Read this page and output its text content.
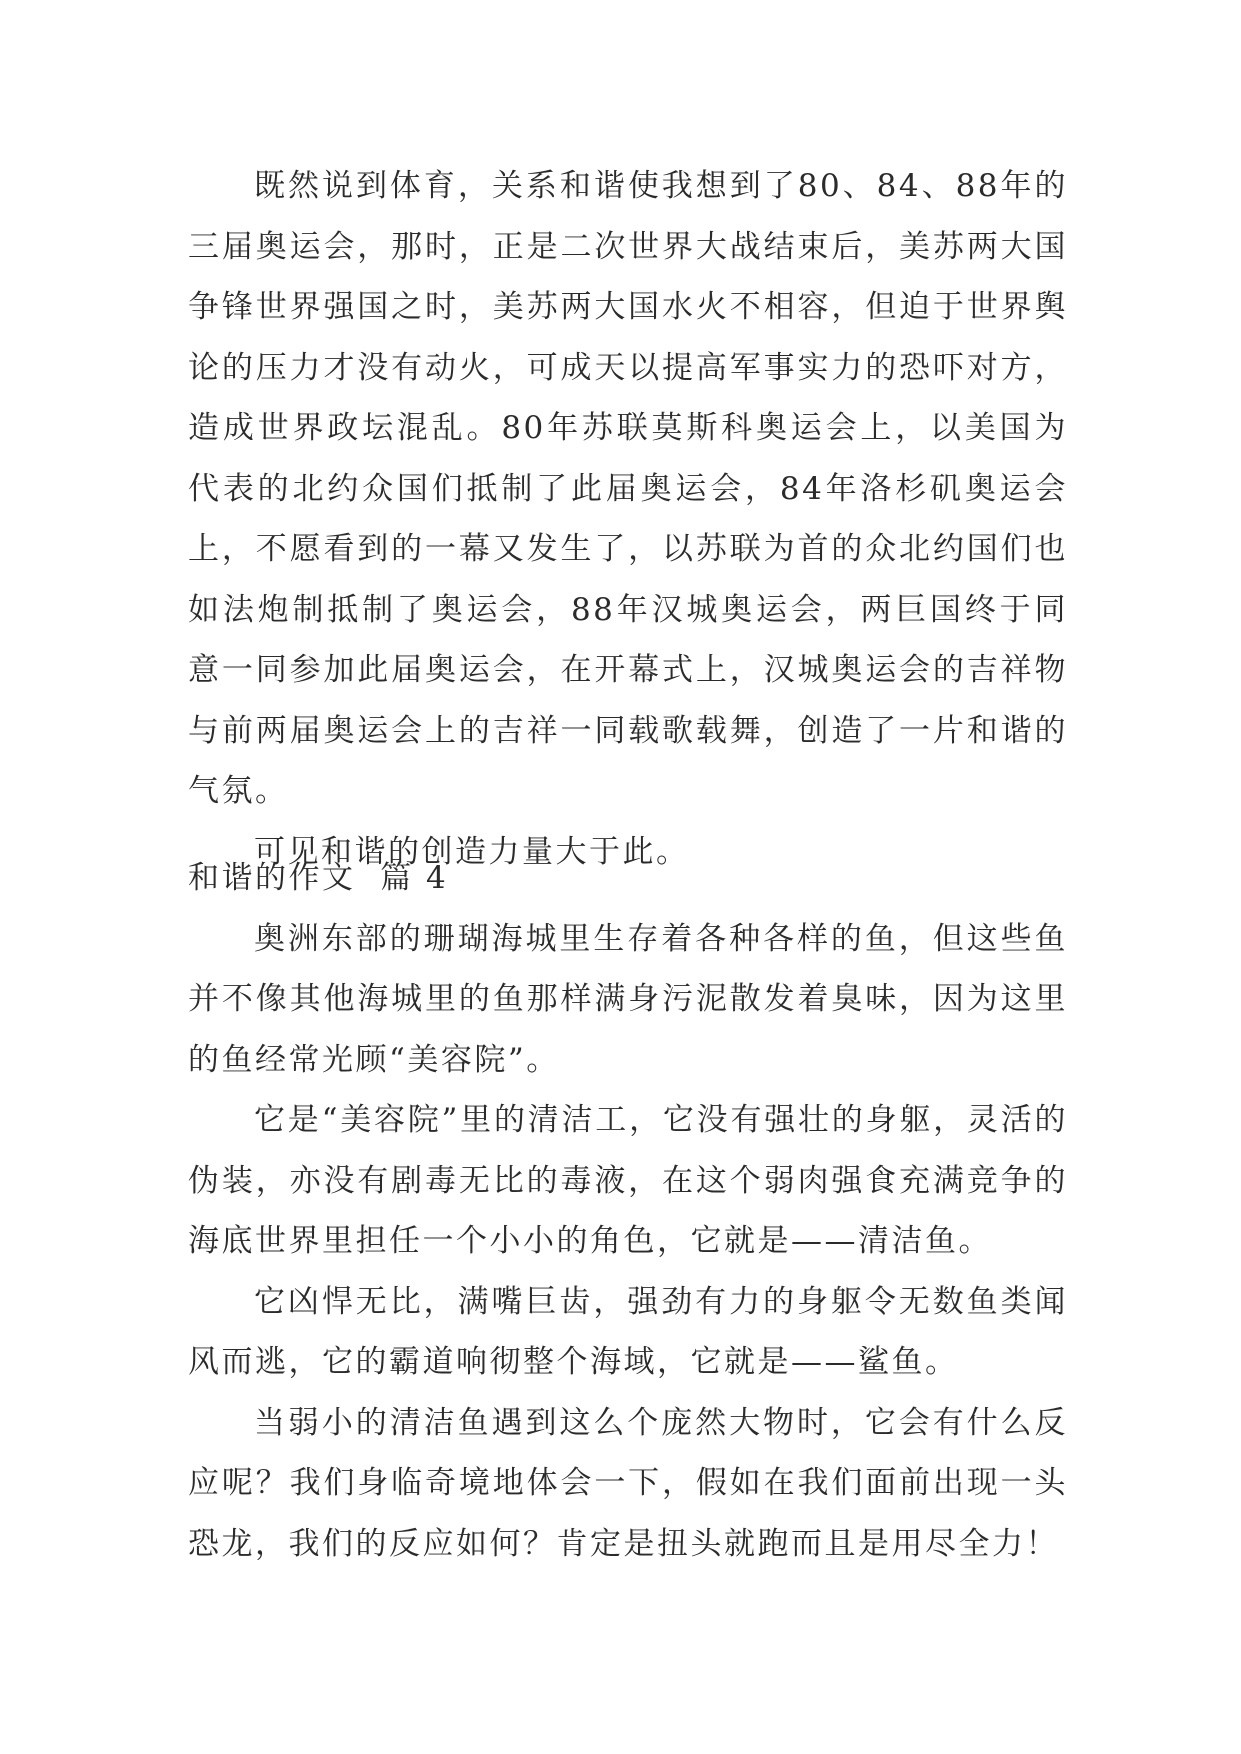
既然说到体育，关系和谐使我想到了80、84、88年的三届奥运会，那时，正是二次世界大战结束后，美苏两大国争锋世界强国之时，美苏两大国水火不相容，但迫于世界舆论的压力才没有动火，可成天以提高军事实力的恐吓对方，造成世界政坛混乱。80年苏联莫斯科奥运会上，以美国为代表的北约众国们抵制了此届奥运会，84年洛杉矶奥运会上，不愿看到的一幕又发生了，以苏联为首的众北约国们也如法炮制抵制了奥运会，88年汉城奥运会，两巨国终于同意一同参加此届奥运会，在开幕式上，汉城奥运会的吉祥物与前两届奥运会上的吉祥一同载歌载舞，创造了一片和谐的气氛。

可见和谐的创造力量大于此。

和谐的作文  篇 4

奥洲东部的珊瑚海城里生存着各种各样的鱼，但这些鱼并不像其他海城里的鱼那样满身污泥散发着臭味，因为这里的鱼经常光顾“美容院”。

它是“美容院”里的清洁工，它没有强壮的身躯，灵活的伪装，亦没有剧毒无比的毒液，在这个弱肉强食充满竞争的海底世界里担任一个小小的角色，它就是——清洁鱼。

它凶悍无比，满嘴巨齿，强劲有力的身躯令无数鱼类闻风而逃，它的霸道响彻整个海域，它就是——鲨鱼。

当弱小的清洁鱼遇到这么个庞然大物时，它会有什么反应呢？我们身临奇境地体会一下，假如在我们面前出现一头恐龙，我们的反应如何？肯定是扭头就跑而且是用尽全力！
